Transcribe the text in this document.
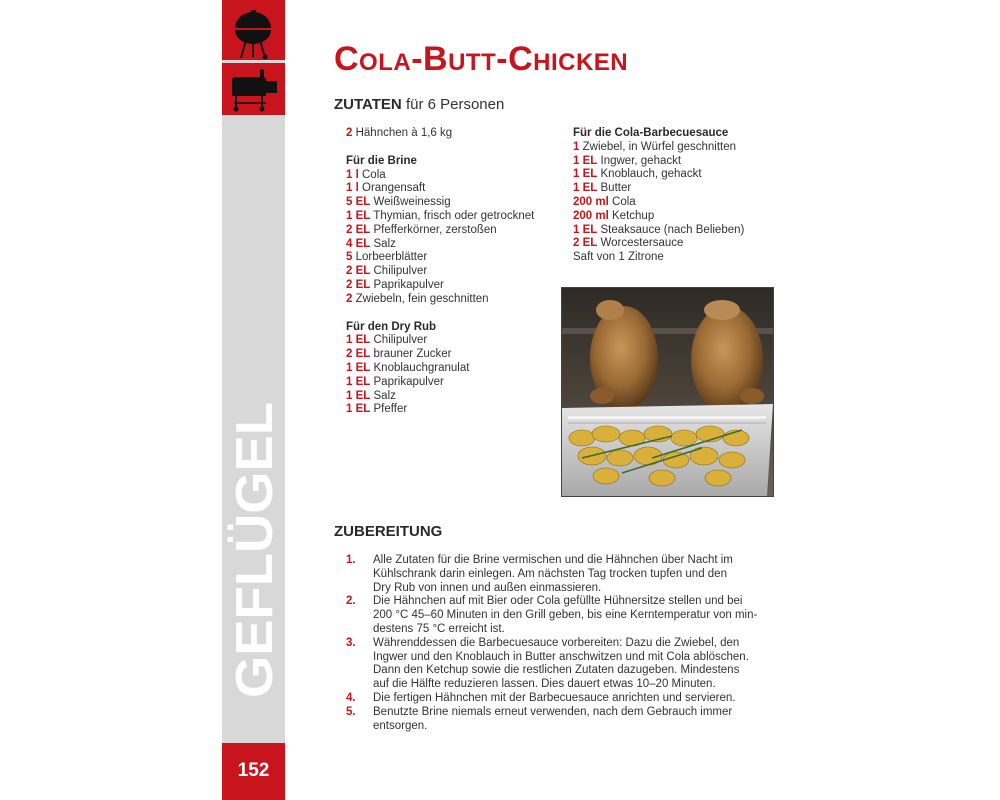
GEFLÜGEL
152
Cola-Butt-Chicken
ZUTATEN für 6 Personen
2 Hähnchen à 1,6 kg
Für die Brine
1 l Cola
1 l Orangensaft
5 EL Weißweinessig
1 EL Thymian, frisch oder getrocknet
2 EL Pfefferkörner, zerstoßen
4 EL Salz
5 Lorbeerblätter
2 EL Chilipulver
2 EL Paprikapulver
2 Zwiebeln, fein geschnitten
Für den Dry Rub
1 EL Chilipulver
2 EL brauner Zucker
1 EL Knoblauchgranulat
1 EL Paprikapulver
1 EL Salz
1 EL Pfeffer
Für die Cola-Barbecuesauce
1 Zwiebel, in Würfel geschnitten
1 EL Ingwer, gehackt
1 EL Knoblauch, gehackt
1 EL Butter
200 ml Cola
200 ml Ketchup
1 EL Steaksauce (nach Belieben)
2 EL Worcestersauce
Saft von 1 Zitrone
ZUBEREITUNG
1.	Alle Zutaten für die Brine vermischen und die Hähnchen über Nacht im
Kühlschrank darin einlegen. Am nächsten Tag trocken tupfen und den
Dry Rub von innen und außen einmassieren.
2.	Die Hähnchen auf mit Bier oder Cola gefüllte Hühnersitze stellen und bei
200 °C 45–60 Minuten in den Grill geben, bis eine Kerntemperatur von min-
destens 75 °C erreicht ist.
3.	Währenddessen die Barbecuesauce vorbereiten: Dazu die Zwiebel, den
Ingwer und den Knoblauch in Butter anschwitzen und mit Cola ablöschen.
Dann den Ketchup sowie die restlichen Zutaten dazugeben. Mindestens
auf die Hälfte reduzieren lassen. Dies dauert etwas 10–20 Minuten.
4.	Die fertigen Hähnchen mit der Barbecuesauce anrichten und servieren.
5.	Benutzte Brine niemals erneut verwenden, nach dem Gebrauch immer
entsorgen.
